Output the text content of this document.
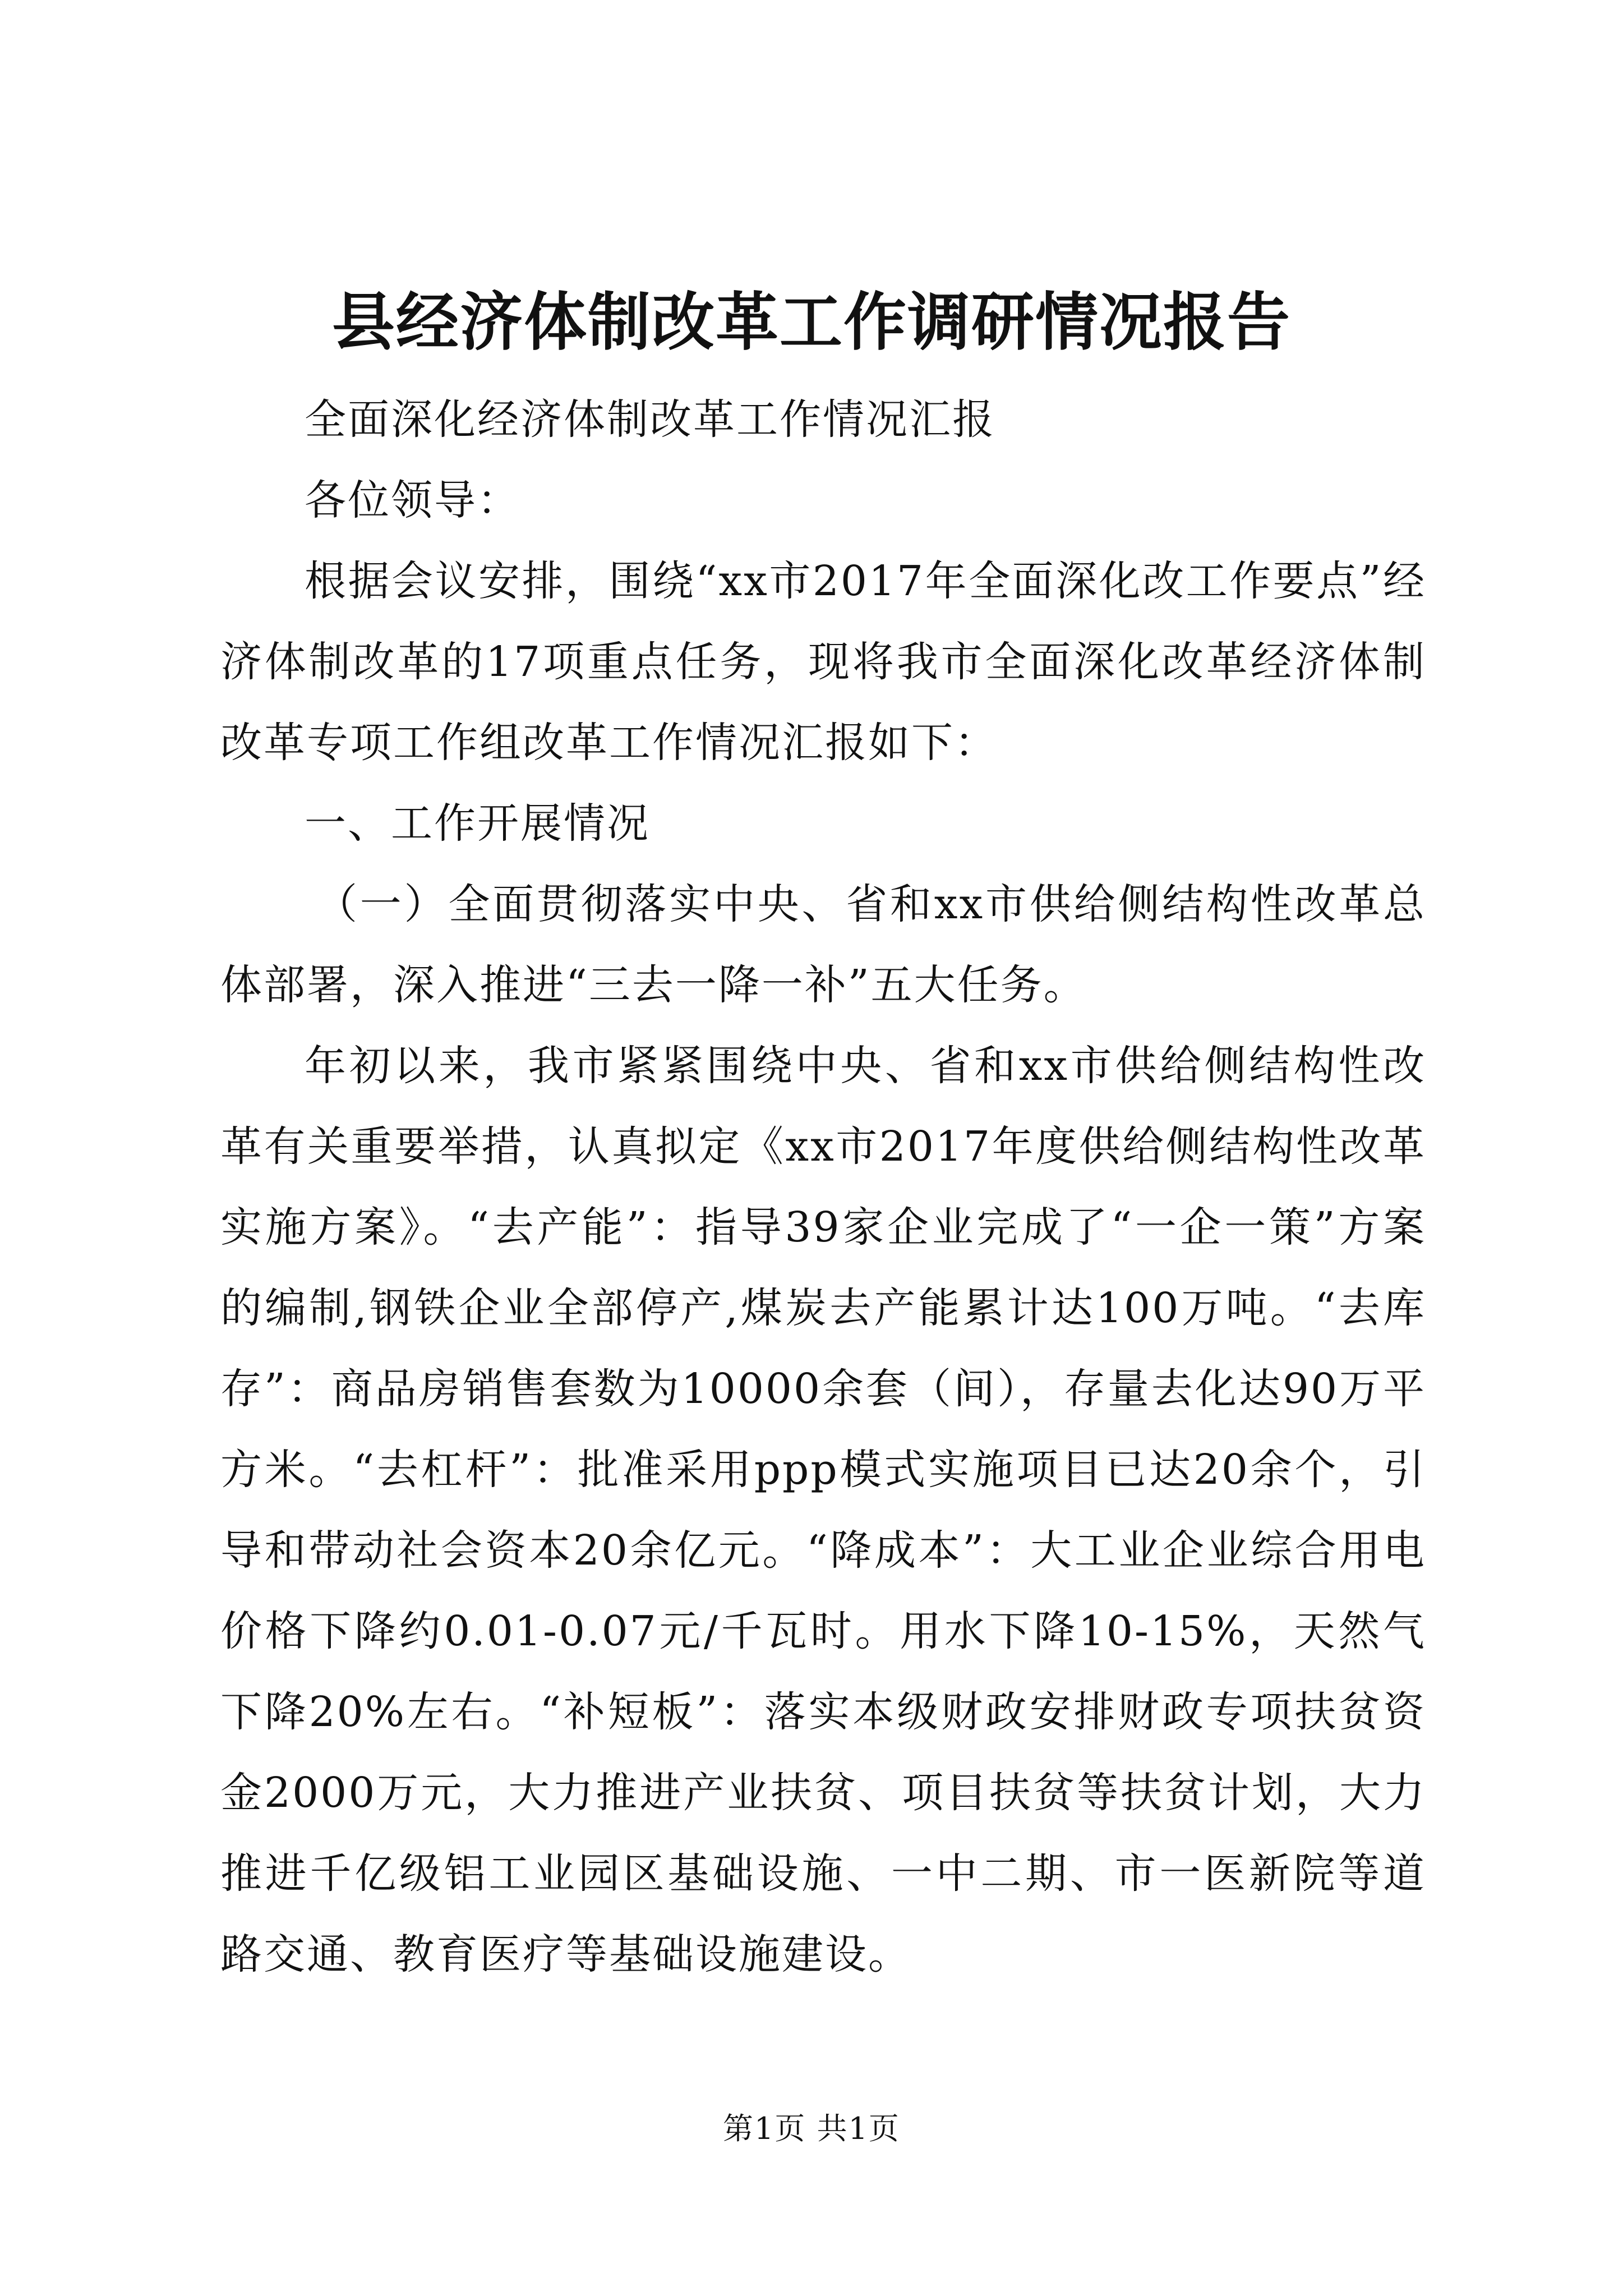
县经济体制改革工作调研情况报告

全面深化经济体制改革工作情况汇报

各位领导：

根据会议安排，围绕“xx市2017年全面深化改工作要点”经济体制改革的17项重点任务，现将我市全面深化改革经济体制改革专项工作组改革工作情况汇报如下：

一、工作开展情况

（一）全面贯彻落实中央、省和xx市供给侧结构性改革总体部署，深入推进“三去一降一补”五大任务。

年初以来，我市紧紧围绕中央、省和xx市供给侧结构性改革有关重要举措，认真拟定《xx市2017年度供给侧结构性改革实施方案》。“去产能”：指导39家企业完成了“一企一策”方案的编制,钢铁企业全部停产,煤炭去产能累计达100万吨。“去库存”：商品房销售套数为10000余套（间），存量去化达90万平方米。“去杠杆”：批准采用ppp模式实施项目已达20余个，引导和带动社会资本20余亿元。“降成本”：大工业企业综合用电价格下降约0.01-0.07元/千瓦时。用水下降10-15%，天然气下降20%左右。“补短板”：落实本级财政安排财政专项扶贫资金2000万元，大力推进产业扶贫、项目扶贫等扶贫计划，大力推进千亿级铝工业园区基础设施、一中二期、市一医新院等道路交通、教育医疗等基础设施建设。

第1页 共1页
